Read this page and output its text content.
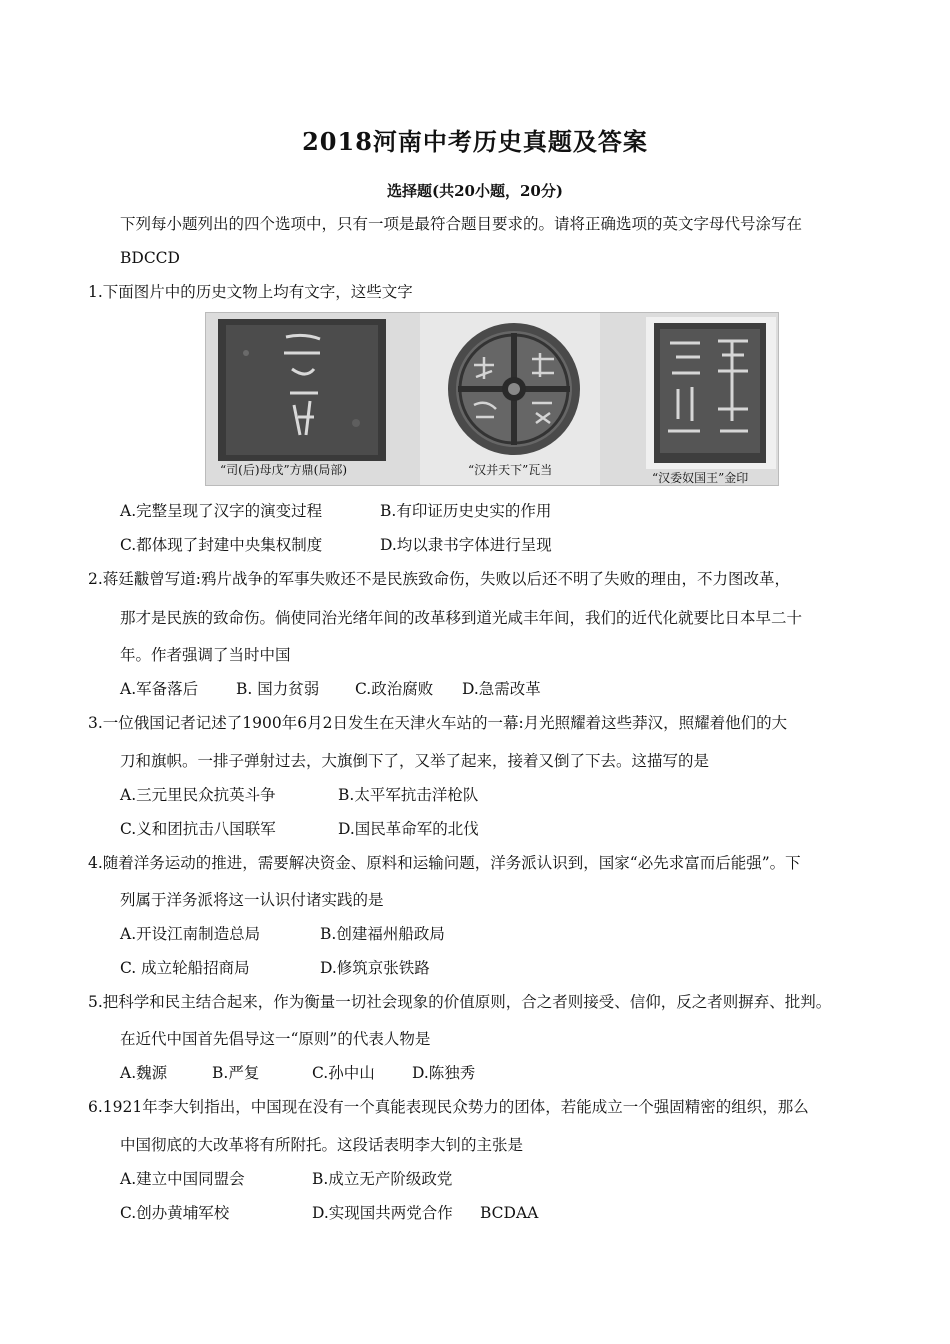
2018河南中考历史真题及答案
选择题(共20小题，20分)
下列每小题列出的四个选项中，只有一项是最符合题目要求的。请将正确选项的英文字母代号涂写在
BDCCD
1.下面图片中的历史文物上均有文字，这些文字
“司(后)母戊”方鼎(局部)	“汉并天下”瓦当
“汉委奴国王”金印
A.完整呈现了汉字的演变过程	B.有印证历史史实的作用
C.都体现了封建中央集权制度	D.均以隶书字体进行呈现
2.蒋廷黻曾写道:鸦片战争的军事失败还不是民族致命伤，失败以后还不明了失败的理由，不力图改革，
那才是民族的致命伤。倘使同治光绪年间的改革移到道光咸丰年间，我们的近代化就要比日本早二十
年。作者强调了当时中国
A.军备落后 B. 国力贫弱 C.政治腐败 D.急需改革
3.一位俄国记者记述了1900年6月2日发生在天津火车站的一幕:月光照耀着这些莽汉，照耀着他们的大
刀和旗帜。一排子弹射过去，大旗倒下了，又举了起来，接着又倒了下去。这描写的是
A.三元里民众抗英斗争	B.太平军抗击洋枪队
C.义和团抗击八国联军	D.国民革命军的北伐
4.随着洋务运动的推进，需要解决资金、原料和运输问题，洋务派认识到，国家“必先求富而后能强”。下
列属于洋务派将这一认识付诸实践的是
A.开设江南制造总局	B.创建福州船政局
C. 成立轮船招商局	D.修筑京张铁路
5.把科学和民主结合起来，作为衡量一切社会现象的价值原则，合之者则接受、信仰，反之者则摒弃、批判。
在近代中国首先倡导这一“原则”的代表人物是
A.魏源	B.严复	C.孙中山 D.陈独秀
6.1921年李大钊指出，中国现在没有一个真能表现民众势力的团体，若能成立一个强固精密的组织，那么
中国彻底的大改革将有所附托。这段话表明李大钊的主张是
A.建立中国同盟会	B.成立无产阶级政党
C.创办黄埔军校	D.实现国共两党合作 BCDAA
